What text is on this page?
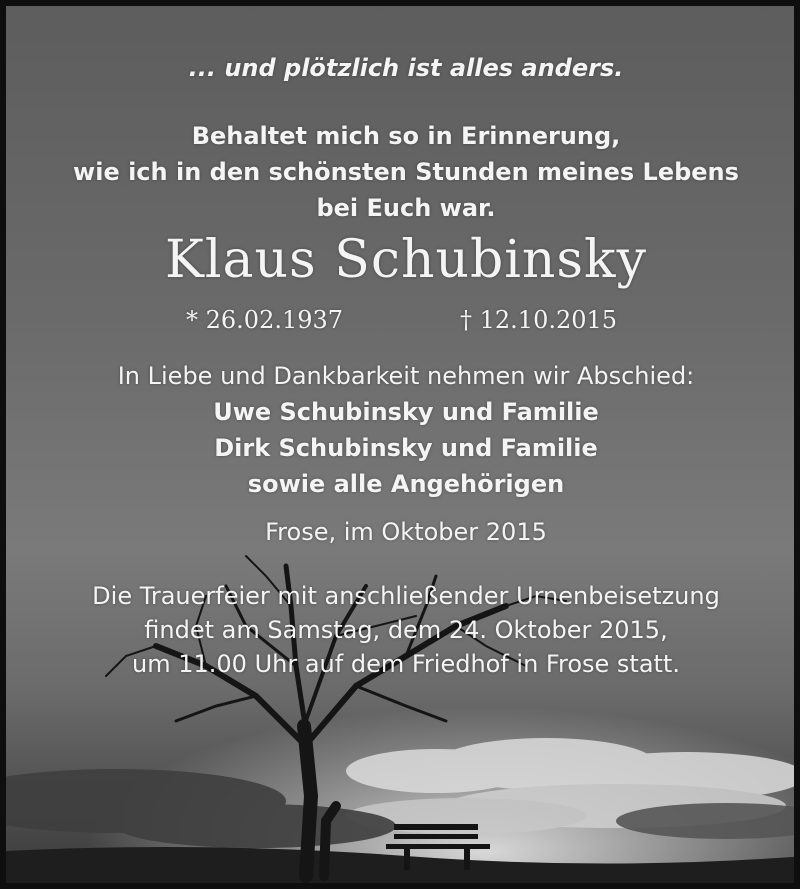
... und plötzlich ist alles anders.
Behaltet mich so in Erinnerung,
wie ich in den schönsten Stunden meines Lebens
bei Euch war.
Klaus Schubinsky
* 26.02.1937	† 12.10.2015
In Liebe und Dankbarkeit nehmen wir Abschied:
Uwe Schubinsky und Familie
Dirk Schubinsky und Familie
sowie alle Angehörigen
Frose, im Oktober 2015
Die Trauerfeier mit anschließender Urnenbeisetzung
findet am Samstag, dem 24. Oktober 2015,
um 11.00 Uhr auf dem Friedhof in Frose statt.
